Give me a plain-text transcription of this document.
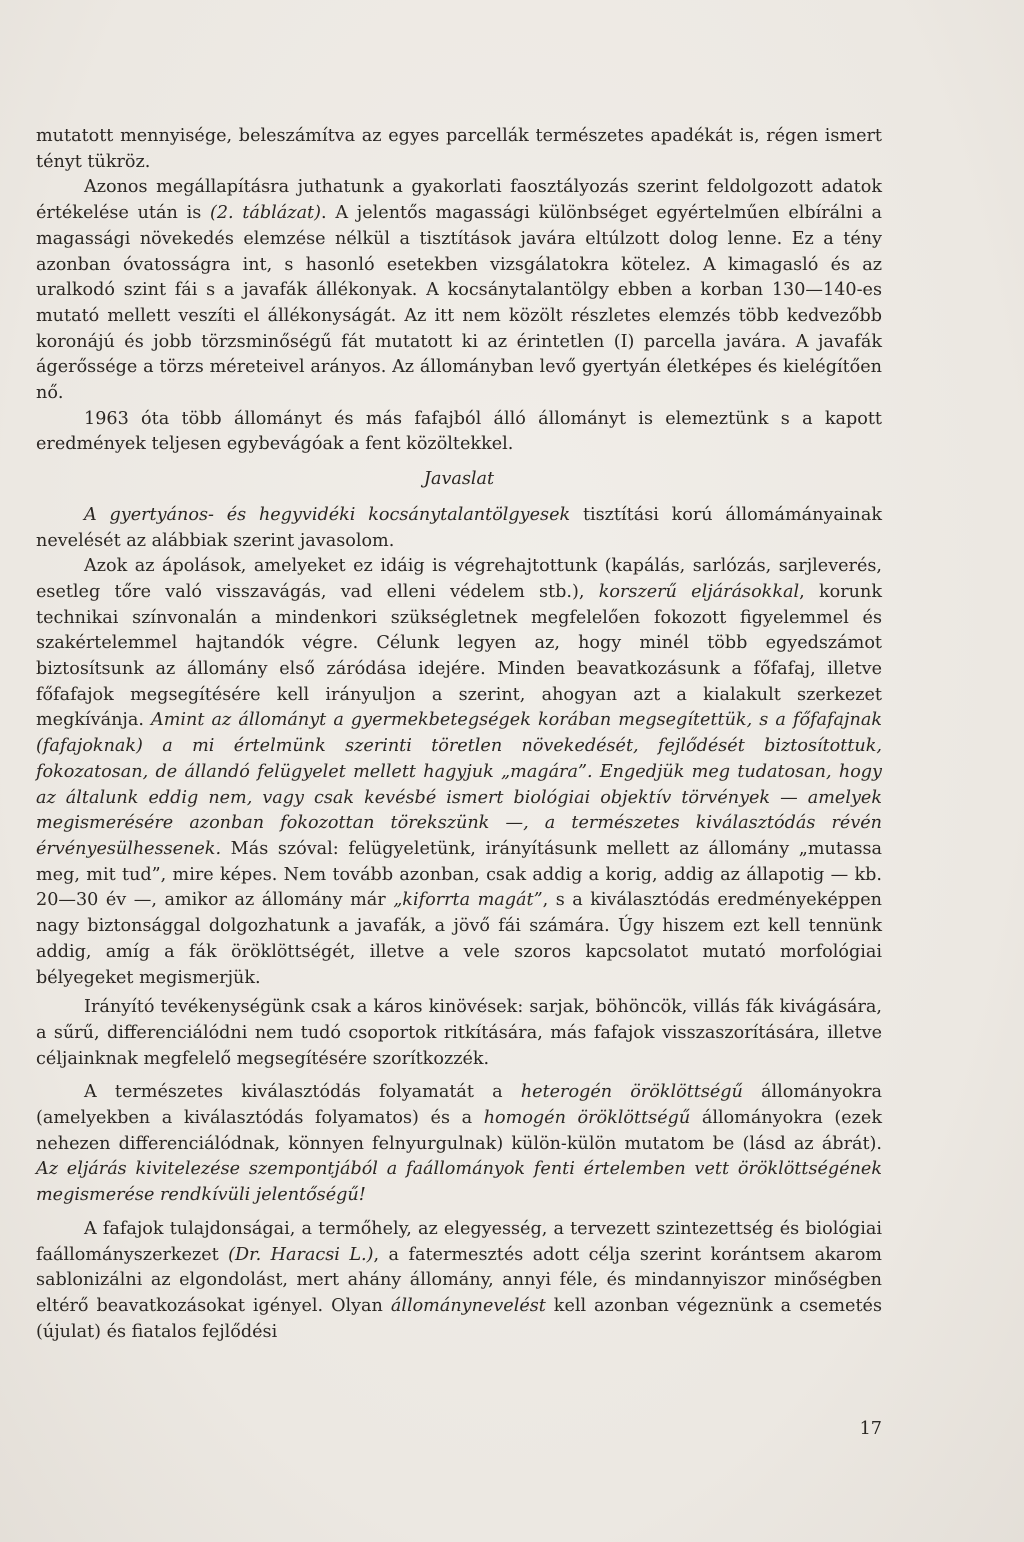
mutatott mennyisége, beleszámítva az egyes parcellák természetes apadékát is, régen ismert tényt tükröz.

Azonos megállapításra juthatunk a gyakorlati faosztályozás szerint feldolgozott adatok értékelése után is (2. táblázat). A jelentős magassági különbséget egyértelműen elbírálni a magassági növekedés elemzése nélkül a tisztítások javára eltúlzott dolog lenne. Ez a tény azonban óvatosságra int, s hasonló esetekben vizsgálatokra kötelez. A kimagasló és az uralkodó szint fái s a javafák állékonyak. A kocsánytalantölgy ebben a korban 130—140-es mutató mellett veszíti el állékonyságát. Az itt nem közölt részletes elemzés több kedvezőbb koronájú és jobb törzsminőségű fát mutatott ki az érintetlen (I) parcella javára. A javafák ágerőssége a törzs méreteivel arányos. Az állományban levő gyertyán életképes és kielégítően nő.

1963 óta több állományt és más fafajból álló állományt is elemeztünk s a kapott eredmények teljesen egybevágóak a fent közöltekkel.

Javaslat

A gyertyános- és hegyvidéki kocsánytalantölgyesek tisztítási korú állomámányainak nevelését az alábbiak szerint javasolom.

Azok az ápolások, amelyeket ez idáig is végrehajtottunk (kapálás, sarlózás, sarjleverés, esetleg tőre való visszavágás, vad elleni védelem stb.), korszerű eljárásokkal, korunk technikai színvonalán a mindenkori szükségletnek megfelelően fokozott figyelemmel és szakértelemmel hajtandók végre. Célunk legyen az, hogy minél több egyedszámot biztosítsunk az állomány első záródása idejére. Minden beavatkozásunk a főfafaj, illetve főfafajok megsegítésére kell irányuljon a szerint, ahogyan azt a kialakult szerkezet megkívánja. Amint az állományt a gyermekbetegségek korában megsegítettük, s a főfafajnak (fafajoknak) a mi értelmünk szerinti töretlen növekedését, fejlődését biztosítottuk, fokozatosan, de állandó felügyelet mellett hagyjuk „magára”. Engedjük meg tudatosan, hogy az általunk eddig nem, vagy csak kevésbé ismert biológiai objektív törvények — amelyek megismerésére azonban fokozottan törekszünk —, a természetes kiválasztódás révén érvényesülhessenek. Más szóval: felügyeletünk, irányításunk mellett az állomány „mutassa meg, mit tud”, mire képes. Nem tovább azonban, csak addig a korig, addig az állapotig — kb. 20—30 év —, amikor az állomány már „kiforrta magát”, s a kiválasztódás eredményeképpen nagy biztonsággal dolgozhatunk a javafák, a jövő fái számára. Úgy hiszem ezt kell tennünk addig, amíg a fák öröklöttségét, illetve a vele szoros kapcsolatot mutató morfológiai bélyegeket megismerjük.

Irányító tevékenységünk csak a káros kinövések: sarjak, böhöncök, villás fák kivágására, a sűrű, differenciálódni nem tudó csoportok ritkítására, más fafajok visszaszorítására, illetve céljainknak megfelelő megsegítésére szorítkozzék.

A természetes kiválasztódás folyamatát a heterogén öröklöttségű állományokra (amelyekben a kiválasztódás folyamatos) és a homogén öröklöttségű állományokra (ezek nehezen differenciálódnak, könnyen felnyurgulnak) külön-külön mutatom be (lásd az ábrát). Az eljárás kivitelezése szempontjából a faállományok fenti értelemben vett öröklöttségének megismerése rendkívüli jelentőségű!

A fafajok tulajdonságai, a termőhely, az elegyesség, a tervezett szintezettség és biológiai faállományszerkezet (Dr. Haracsi L.), a fatermesztés adott célja szerint korántsem akarom sablonizálni az elgondolást, mert ahány állomány, annyi féle, és mindannyiszor minőségben eltérő beavatkozásokat igényel. Olyan állománynevelést kell azonban végeznünk a csemetés (újulat) és fiatalos fejlődési

17
